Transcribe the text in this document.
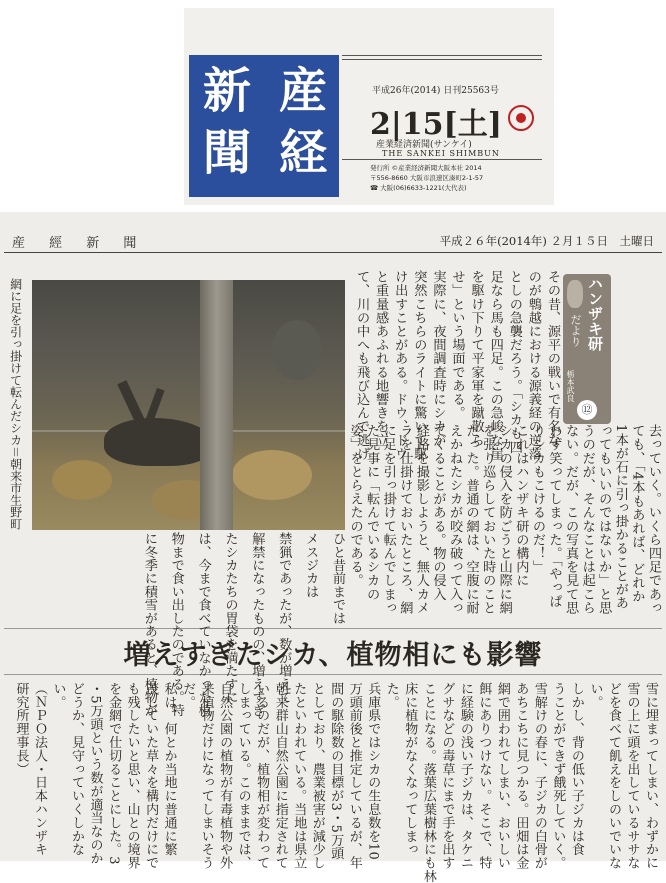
産
経
新
聞
平成26年(2014) 日刊25563号
2|15[土]
産業経済新聞(サンケイ)
THE SANKEI SHIMBUN
発行所 ©産業経済新聞大阪本社 2014
〒556-8660 大阪市浪速区湊町2-1-57
☎ 大阪(06)6633-1221(大代表)
産 經 新 聞	平成２６年(2014年) ２月１５日　土曜日
網に足を引っ掛けて転んだシカ＝朝来市生野町	その昔、源平の戦いで有名な
のが鵯越における源義経の逆落
としの急襲だろう。「シカも四
足なら馬も四足。この急峻な崖
を駆け下りて平家軍を蹴散ら
せ」という場面である。
実際に、夜間調査時にシカが
突然こちらのライトに驚いて駆
け出すことがある。ドウ、ドウ
と重量感あふれる地響きを立
て、川の中へも飛び込んで逃げ	ハンザキ研
だより
栃本武良
⑫
去っていく。いくら四足であっ
ても、「4本もあれば、どれか
1本が石に引っ掛かることがあ
ってもいいのではないか」と思
うのだが、そんなことは起こら
ない。だが、この写真を見て思
わず笑ってしまった。「やっぱ
りシカもこけるのだ！」
これはハンザキ研の構内に
シカの侵入を防ごうと山際に網
を張り巡らしておいた時のこと
だった。普通の網は、空腹に耐
えかねたシカが咬み破って入っ
てくることがある。物の侵入
経路を撮影しようと、無人カメ
ラを仕掛けておいたところ、網
に足を引っ掛けて転んでしまっ
た見事に「転んでいるシカの
姿」をとらえたのである。
増えすぎたシカ、植物相にも影響
雪に埋まってしまい、わずかに
雪の上に頭を出しているササな
どを食べて飢えをしのいでいな
い。
しかし、背の低い子ジカは食
うことができず餓死していく。
雪解けの春に、子ジカの白骨が
あちこちに見つかる。田畑は金
網で囲われてしまい、おいしい
餌にありつけない。そこで、特
に経験の浅い子ジカは、タケニ
グサなどの毒草にまで手を出す
ことになる。落葉広葉樹林にも林
床に植物がなくなってしまっ
た。
兵庫県ではシカの生息数を10
万頭前後と推定しているが、年
間の駆除数の目標が3・5万頭
としており、農業被害が減少し
たといわれている。当地は県立
朝来群山自然公園に指定されて
いるのだが、植物相が変わって
しまっている。このままでは、
自然公園の植物が有毒植物や外
来植物だけになってしまいそう
だ。
私は、何とか当地に普通に繁
茂していた草々を構内だけにで
も残したいと思い、山との境界
を金網で仕切ることにした。3
・5万頭という数が適当なのか
どうか、見守っていくしかな
い。
（ＮＰＯ法人・日本ハンザキ
研究所理事長）
ひと昔前までは
メスジカは
禁猟であったが、数が増えて
解禁になったものの、増えすぎ
たシカたちの胃袋を満たすに
は、今まで食べていなかった植
物まで食い出したのである。特
に冬季に積雪があると、植物が
